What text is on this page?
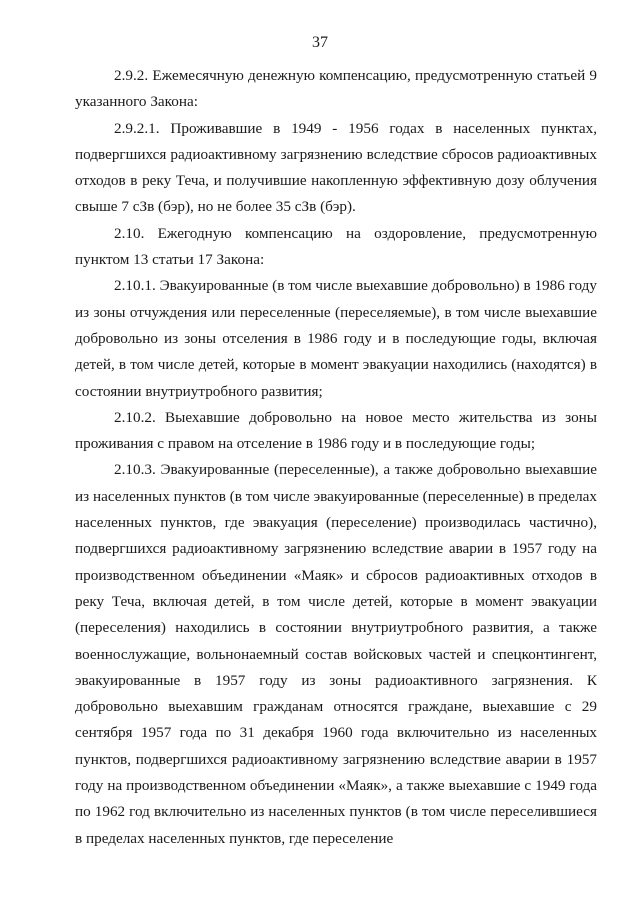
37

2.9.2. Ежемесячную денежную компенсацию, предусмотренную статьей 9 указанного Закона:

2.9.2.1. Проживавшие в 1949 - 1956 годах в населенных пунктах, подвергшихся радиоактивному загрязнению вследствие сбросов радиоактивных отходов в реку Теча, и получившие накопленную эффективную дозу облучения свыше 7 сЗв (бэр), но не более 35 сЗв (бэр).

2.10. Ежегодную компенсацию на оздоровление, предусмотренную пунктом 13 статьи 17 Закона:

2.10.1. Эвакуированные (в том числе выехавшие добровольно) в 1986 году из зоны отчуждения или переселенные (переселяемые), в том числе выехавшие добровольно из зоны отселения в 1986 году и в последующие годы, включая детей, в том числе детей, которые в момент эвакуации находились (находятся) в состоянии внутриутробного развития;

2.10.2. Выехавшие добровольно на новое место жительства из зоны проживания с правом на отселение в 1986 году и в последующие годы;

2.10.3. Эвакуированные (переселенные), а также добровольно выехавшие из населенных пунктов (в том числе эвакуированные (переселенные) в пределах населенных пунктов, где эвакуация (переселение) производилась частично), подвергшихся радиоактивному загрязнению вследствие аварии в 1957 году на производственном объединении «Маяк» и сбросов радиоактивных отходов в реку Теча, включая детей, в том числе детей, которые в момент эвакуации (переселения) находились в состоянии внутриутробного развития, а также военнослужащие, вольнонаемный состав войсковых частей и спецконтингент, эвакуированные в 1957 году из зоны радиоактивного загрязнения. К добровольно выехавшим гражданам относятся граждане, выехавшие с 29 сентября 1957 года по 31 декабря 1960 года включительно из населенных пунктов, подвергшихся радиоактивному загрязнению вследствие аварии в 1957 году на производственном объединении «Маяк», а также выехавшие с 1949 года по 1962 год включительно из населенных пунктов (в том числе переселившиеся в пределах населенных пунктов, где переселение
